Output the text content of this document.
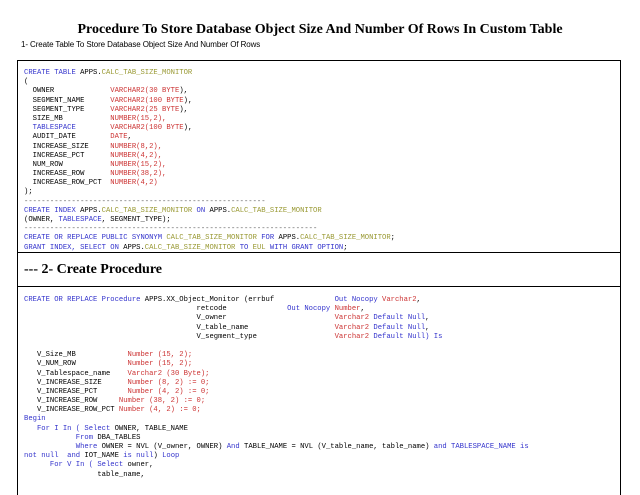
Procedure To Store Database Object Size And Number Of Rows In Custom Table
1- Create Table To Store Database Object Size And Number Of Rows
CREATE TABLE APPS.CALC_TAB_SIZE_MONITOR
(
OWNER             VARCHAR2(30 BYTE),
SEGMENT_NAME      VARCHAR2(100 BYTE),
SEGMENT_TYPE      VARCHAR2(25 BYTE),
SIZE_MB           NUMBER(15,2),
TABLESPACE        VARCHAR2(100 BYTE),
AUDIT_DATE        DATE,
INCREASE_SIZE     NUMBER(8,2),
INCREASE_PCT      NUMBER(4,2),
NUM_ROW           NUMBER(15,2),
INCREASE_ROW      NUMBER(38,2),
INCREASE_ROW_PCT  NUMBER(4,2)
);
--------------------------------------------------------
CREATE INDEX APPS.CALC_TAB_SIZE_MONITOR ON APPS.CALC_TAB_SIZE_MONITOR
(OWNER, TABLESPACE, SEGMENT_TYPE);
--------------------------------------------------------------------
CREATE OR REPLACE PUBLIC SYNONYM CALC_TAB_SIZE_MONITOR FOR APPS.CALC_TAB_SIZE_MONITOR;
GRANT INDEX, SELECT ON APPS.CALC_TAB_SIZE_MONITOR TO EUL WITH GRANT OPTION;
--- 2- Create Procedure
CREATE OR REPLACE Procedure APPS.XX_Object_Monitor (errbuf              Out Nocopy Varchar2,
retcode              Out Nocopy Number,
V_owner                         Varchar2 Default Null,
V_table_name                    Varchar2 Default Null,
V_segment_type                  Varchar2 Default Null) Is
V_Size_MB            Number (15, 2);
V_NUM_ROW            Number (15, 2);
V_Tablespace_name    Varchar2 (30 Byte);
V_INCREASE_SIZE      Number (8, 2) := 0;
V_INCREASE_PCT       Number (4, 2) := 0;
V_INCREASE_ROW     Number (38, 2) := 0;
V_INCREASE_ROW_PCT Number (4, 2) := 0;
Begin
For I In ( Select OWNER, TABLE_NAME
From DBA_TABLES
Where OWNER = NVL (V_owner, OWNER) And TABLE_NAME = NVL (V_table_name, table_name) and TABLESPACE_NAME is
not null  and IOT_NAME is null) Loop
For V In ( Select owner,
table_name,
